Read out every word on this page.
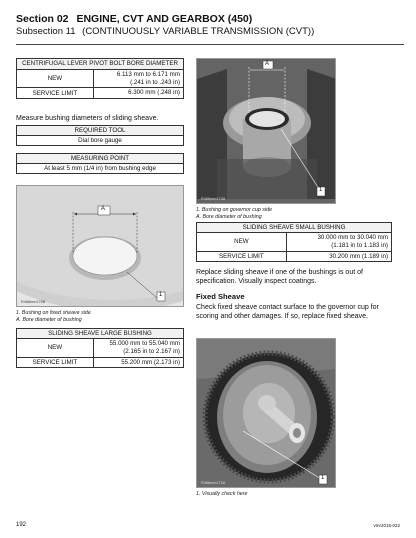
Section 02 ENGINE, CVT AND GEARBOX (450)
Subsection 11 (CONTINUOUSLY VARIABLE TRANSMISSION (CVT))
CENTRIFUGAL LEVER PIVOT BOLT BORE DIAMETER	
NEW	6.113 mm to 6.171 mm
(.241 in to .243 in)
SERVICE LIMIT	6.300 mm (.248 in)
Measure bushing diameters of sliding sheave.
REQUIRED TOOL
Dial bore gauge
MEASURING POINT
At least 5 mm (1/4 in) from bushing edge
A
1
R468mm176B
1. Bushing on fixed sheave side
A. Bore diameter of bushing
SLIDING SHEAVE LARGE BUSHING	
NEW	55.000 mm to 55.040 mm
(2.165 in to 2.167 in)
SERVICE LIMIT	55.200 mm (2.173 in)
A
1
R468mm174A
1. Bushing on governor cup side
A. Bore diameter of bushing
SLIDING SHEAVE SMALL BUSHING	
NEW	30.000 mm to 30.040 mm
(1.181 in to 1.183 in)
SERVICE LIMIT	30.200 mm (1.189 in)
Replace sliding sheave if one of the bushings is out of specification. Visually inspect coatings.
Fixed Sheave
Check fixed sheave contact surface to the governor cup for scoring and other damages. If so, replace fixed sheave.
1
R468mm175A
1. Visually check here
192	vmr2015-022
